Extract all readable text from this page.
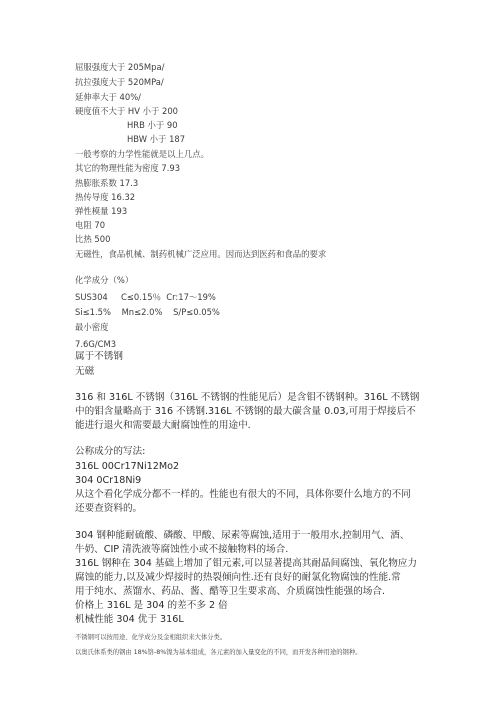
屈服强度大于 205Mpa/
抗拉强度大于 520MPa/
延伸率大于 40%/
硬度值不大于 HV 小于 200
HRB 小于 90
HBW 小于 187
一般考察的力学性能就是以上几点。
其它的物理性能为密度 7.93
热膨胀系数 17.3
热传导度 16.32
弹性模量 193
电阻 70
比热 500
无磁性，食品机械、制药机械广泛应用。因而达到医药和食品的要求
化学成分（%）
SUS304     C≤0.15％  Cr:17～19%
Si≤1.5%    Mn≤2.0%    S/P≤0.05%
最小密度
7.6G/CM3
属于不锈钢
无磁
316 和 316L 不锈钢（316L 不锈钢的性能见后）是含钼不锈钢种。316L 不锈钢
中的钼含量略高于 316 不锈钢.316L 不锈钢的最大碳含量 0.03,可用于焊接后不
能进行退火和需要最大耐腐蚀性的用途中.
公称成分的写法:
316L 00Cr17Ni12Mo2
304 0Cr18Ni9
从这个看化学成分都不一样的。性能也有很大的不同，具体你要什么地方的不同
还要查资料的。
304 钢种能耐硫酸、磷酸、甲酸、尿素等腐蚀,适用于一般用水,控制用气、酒、
牛奶、CIP 清洗液等腐蚀性小或不接触物料的场合.
316L 钢种在 304 基础上增加了钼元素,可以显著提高其耐晶间腐蚀、氧化物应力
腐蚀的能力,以及减少焊接时的热裂倾向性.还有良好的耐氯化物腐蚀的性能.常
用于纯水、蒸馏水、药品、酱、醋等卫生要求高、介质腐蚀性能强的场合.
价格上 316L 是 304 的差不多 2 倍
机械性能 304 优于 316L
不锈钢可以按用途、化学成分及金相组织来大体分类。
以奥氏体系类的钢由 18%铬-8%镍为基本组成，各元素的加入量变化的不同，而开发各种用途的钢种。
